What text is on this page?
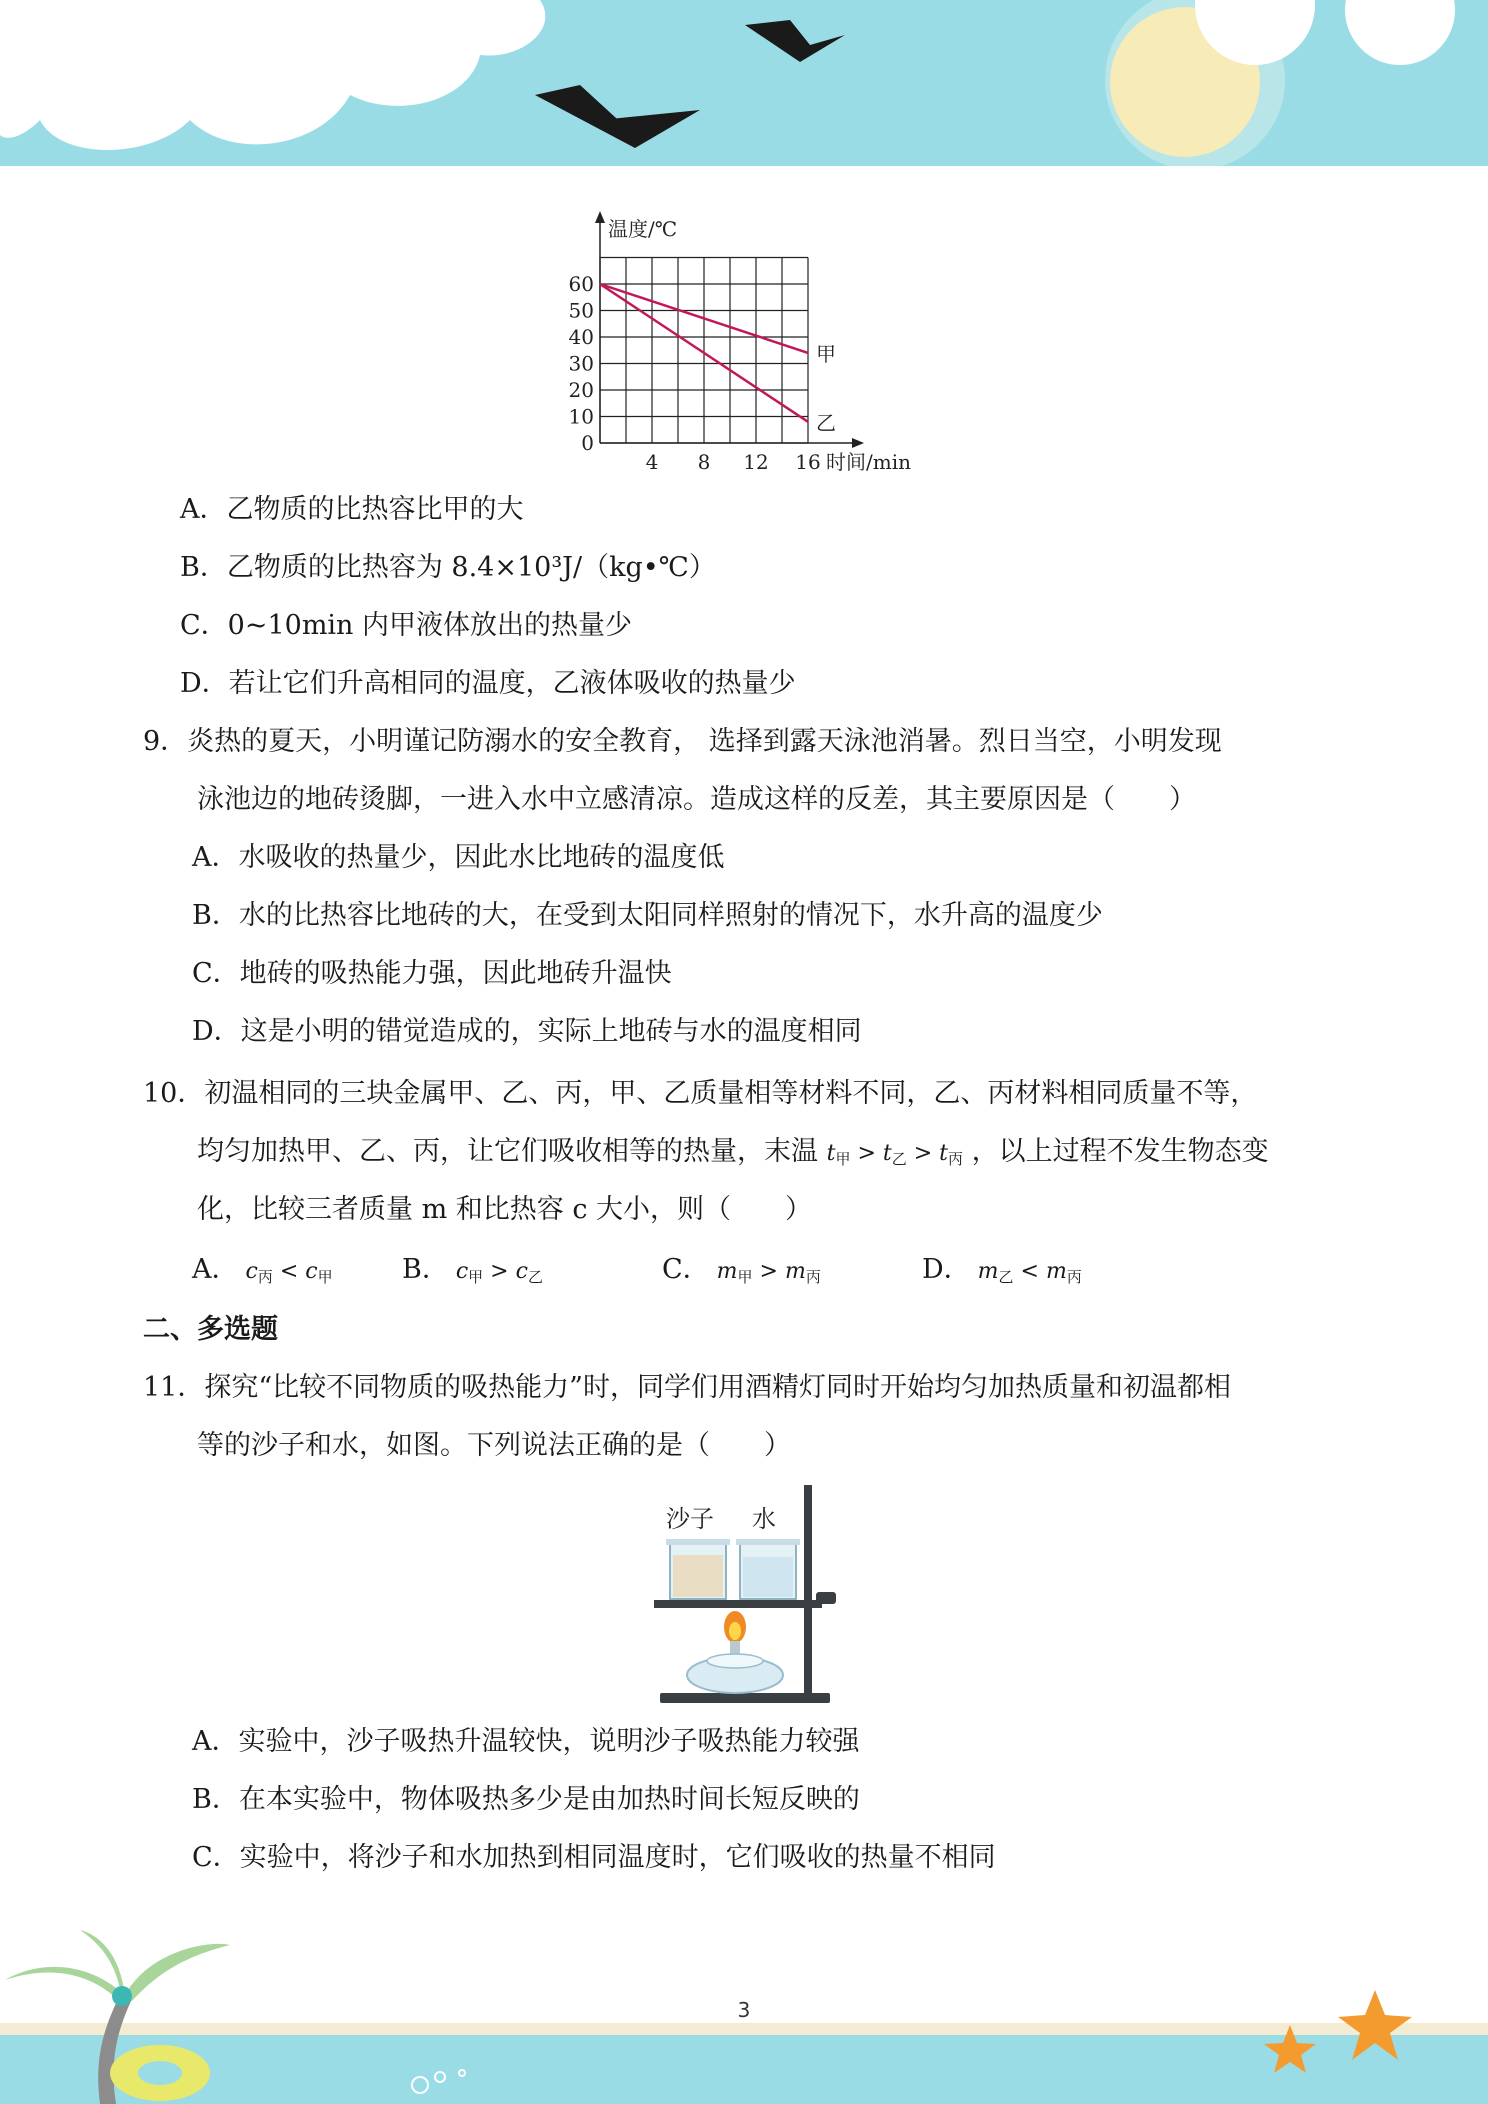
0
10
20
30
40
50
60
4 8 12 16
温度/℃
时间/min
甲
乙
A．乙物质的比热容比甲的大
B．乙物质的比热容为 8.4×10³J/（kg•℃）
C．0~10min 内甲液体放出的热量少
D．若让它们升高相同的温度，乙液体吸收的热量少
9．炎热的夏天，小明谨记防溺水的安全教育， 选择到露天泳池消暑。烈日当空，小明发现
泳池边的地砖烫脚，一进入水中立感清凉。造成这样的反差，其主要原因是（　　）
A．水吸收的热量少，因此水比地砖的温度低
B．水的比热容比地砖的大，在受到太阳同样照射的情况下，水升高的温度少
C．地砖的吸热能力强，因此地砖升温快
D．这是小明的错觉造成的，实际上地砖与水的温度相同
10．初温相同的三块金属甲、乙、丙，甲、乙质量相等材料不同，乙、丙材料相同质量不等，
均匀加热甲、乙、丙，让它们吸收相等的热量，末温 $t_甲 > t_乙 > t_丙$ ，以上过程不发生物态变
化，比较三者质量 m 和比热容 c 大小，则（　　）
A． $c_丙 < c_甲$	B． $c_甲 > c_乙$	C． $m_甲 > m_丙$	D． $m_乙 < m_丙$
二、多选题
11．探究“比较不同物质的吸热能力”时，同学们用酒精灯同时开始均匀加热质量和初温都相
等的沙子和水，如图。下列说法正确的是（　　）
沙子 水
A．实验中，沙子吸热升温较快，说明沙子吸热能力较强
B．在本实验中，物体吸热多少是由加热时间长短反映的
C．实验中，将沙子和水加热到相同温度时，它们吸收的热量不相同
3
